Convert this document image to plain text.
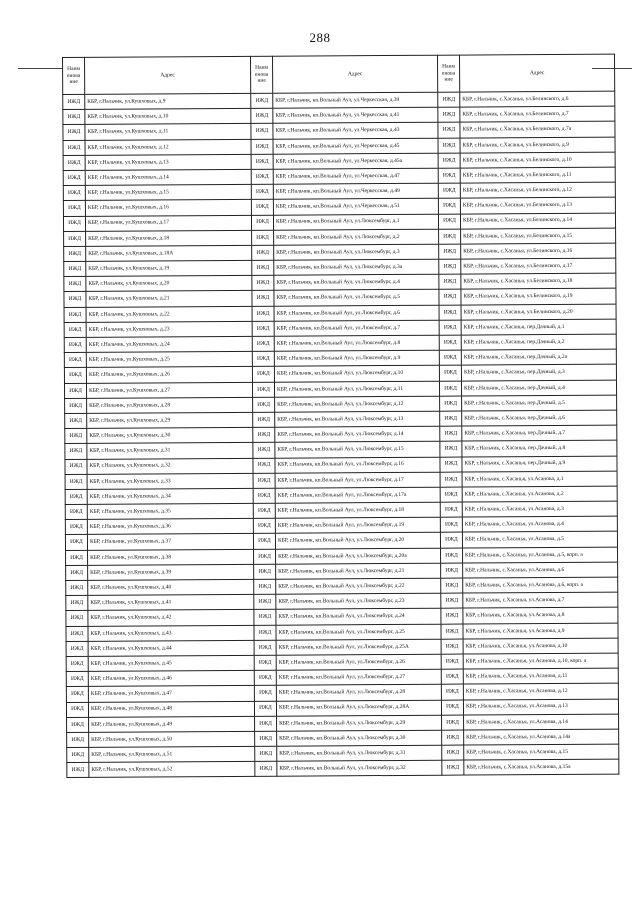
288
Наим енова ние	Адрес	Наим енова ние	Адрес	Наим енова ние	Адрес
ИЖД	КБР, г.Нальчик, ул.Кушховых, д.9	ИЖД	КБР, г.Нальчик, кп.Вольный Аул, ул.Черкесская, д.39	ИЖД	КБР, г.Нальчик, с.Хасанья, ул.Белинского, д.6
ИЖД	КБР, г.Нальчик, ул.Кушховых, д.10	ИЖД	КБР, г.Нальчик, кп.Вольный Аул, ул.Черкесская, д.41	ИЖД	КБР, г.Нальчик, с.Хасанья, ул.Белинского, д.7
ИЖД	КБР, г.Нальчик, ул.Кушховых, д.11	ИЖД	КБР, г.Нальчик, кп.Вольный Аул, ул.Черкесская, д.43	ИЖД	КБР, г.Нальчик, с.Хасанья, ул.Белинского, д.7а
ИЖД	КБР, г.Нальчик, ул.Кушховых, д.12	ИЖД	КБР, г.Нальчик, кп.Вольный Аул, ул.Черкесская, д.45	ИЖД	КБР, г.Нальчик, с.Хасанья, ул.Белинского, д.9
ИЖД	КБР, г.Нальчик, ул.Кушховых, д.13	ИЖД	КБР, г.Нальчик, кп.Вольный Аул, ул.Черкесская, д.45а	ИЖД	КБР, г.Нальчик, с.Хасанья, ул.Белинского, д.10
ИЖД	КБР, г.Нальчик, ул.Кушховых, д.14	ИЖД	КБР, г.Нальчик, кп.Вольный Аул, ул.Черкесская, д.47	ИЖД	КБР, г.Нальчик, с.Хасанья, ул.Белинского, д.11
ИЖД	КБР, г.Нальчик, ул.Кушховых, д.15	ИЖД	КБР, г.Нальчик, кп.Вольный Аул, ул.Черкесская, д.49	ИЖД	КБР, г.Нальчик, с.Хасанья, ул.Белинского, д.12
ИЖД	КБР, г.Нальчик, ул.Кушховых, д.16	ИЖД	КБР, г.Нальчик, кп.Вольный Аул, ул.Черкесская, д.51	ИЖД	КБР, г.Нальчик, с.Хасанья, ул.Белинского, д.13
ИЖД	КБР, г.Нальчик, ул.Кушховых, д.17	ИЖД	КБР, г.Нальчик, кп.Вольный Аул, ул.Люксембург, д.1	ИЖД	КБР, г.Нальчик, с.Хасанья, ул.Белинского, д.14
ИЖД	КБР, г.Нальчик, ул.Кушховых, д.18	ИЖД	КБР, г.Нальчик, кп.Вольный Аул, ул.Люксембург, д.2	ИЖД	КБР, г.Нальчик, с.Хасанья, ул.Белинского, д.15
ИЖД	КБР, г.Нальчик, ул.Кушховых, д.18А	ИЖД	КБР, г.Нальчик, кп.Вольный Аул, ул.Люксембург, д.3	ИЖД	КБР, г.Нальчик, с.Хасанья, ул.Белинского, д.16
ИЖД	КБР, г.Нальчик, ул.Кушховых, д.19	ИЖД	КБР, г.Нальчик, кп.Вольный Аул, ул.Люксембург, д.3а	ИЖД	КБР, г.Нальчик, с.Хасанья, ул.Белинского, д.17
ИЖД	КБР, г.Нальчик, ул.Кушховых, д.20	ИЖД	КБР, г.Нальчик, кп.Вольный Аул, ул.Люксембург, д.4	ИЖД	КБР, г.Нальчик, с.Хасанья, ул.Белинского, д.18
ИЖД	КБР, г.Нальчик, ул.Кушховых, д.21	ИЖД	КБР, г.Нальчик, кп.Вольный Аул, ул.Люксембург, д.5	ИЖД	КБР, г.Нальчик, с.Хасанья, ул.Белинского, д.19
ИЖД	КБР, г.Нальчик, ул.Кушховых, д.22	ИЖД	КБР, г.Нальчик, кп.Вольный Аул, ул.Люксембург, д.6	ИЖД	КБР, г.Нальчик, с.Хасанья, ул.Белинского, д.20
ИЖД	КБР, г.Нальчик, ул.Кушховых, д.23	ИЖД	КБР, г.Нальчик, кп.Вольный Аул, ул.Люксембург, д.7	ИЖД	КБР, г.Нальчик, с.Хасанья, пер.Дачный, д.1
ИЖД	КБР, г.Нальчик, ул.Кушховых, д.24	ИЖД	КБР, г.Нальчик, кп.Вольный Аул, ул.Люксембург, д.8	ИЖД	КБР, г.Нальчик, с.Хасанья, пер.Дачный, д.2
ИЖД	КБР, г.Нальчик, ул.Кушховых, д.25	ИЖД	КБР, г.Нальчик, кп.Вольный Аул, ул.Люксембург, д.9	ИЖД	КБР, г.Нальчик, с.Хасанья, пер.Дачный, д.2а
ИЖД	КБР, г.Нальчик, ул.Кушховых, д.26	ИЖД	КБР, г.Нальчик, кп.Вольный Аул, ул.Люксембург, д.10	ИЖД	КБР, г.Нальчик, с.Хасанья, пер.Дачный, д.3
ИЖД	КБР, г.Нальчик, ул.Кушховых, д.27	ИЖД	КБР, г.Нальчик, кп.Вольный Аул, ул.Люксембург, д.11	ИЖД	КБР, г.Нальчик, с.Хасанья, пер.Дачный, д.4
ИЖД	КБР, г.Нальчик, ул.Кушховых, д.28	ИЖД	КБР, г.Нальчик, кп.Вольный Аул, ул.Люксембург, д.12	ИЖД	КБР, г.Нальчик, с.Хасанья, пер.Дачный, д.5
ИЖД	КБР, г.Нальчик, ул.Кушховых, д.29	ИЖД	КБР, г.Нальчик, кп.Вольный Аул, ул.Люксембург, д.13	ИЖД	КБР, г.Нальчик, с.Хасанья, пер.Дачный, д.6
ИЖД	КБР, г.Нальчик, ул.Кушховых, д.30	ИЖД	КБР, г.Нальчик, кп.Вольный Аул, ул.Люксембург, д.14	ИЖД	КБР, г.Нальчик, с.Хасанья, пер.Дачный, д.7
ИЖД	КБР, г.Нальчик, ул.Кушховых, д.31	ИЖД	КБР, г.Нальчик, кп.Вольный Аул, ул.Люксембург, д.15	ИЖД	КБР, г.Нальчик, с.Хасанья, пер.Дачный, д.8
ИЖД	КБР, г.Нальчик, ул.Кушховых, д.32	ИЖД	КБР, г.Нальчик, кп.Вольный Аул, ул.Люксембург, д.16	ИЖД	КБР, г.Нальчик, с.Хасанья, пер.Дачный, д.9
ИЖД	КБР, г.Нальчик, ул.Кушховых, д.33	ИЖД	КБР, г.Нальчик, кп.Вольный Аул, ул.Люксембург, д.17	ИЖД	КБР, г.Нальчик, с.Хасанья, ул.Асанова, д.1
ИЖД	КБР, г.Нальчик, ул.Кушховых, д.34	ИЖД	КБР, г.Нальчик, кп.Вольный Аул, ул.Люксембург, д.17а	ИЖД	КБР, г.Нальчик, с.Хасанья, ул.Асанова, д.2
ИЖД	КБР, г.Нальчик, ул.Кушховых, д.35	ИЖД	КБР, г.Нальчик, кп.Вольный Аул, ул.Люксембург, д.18	ИЖД	КБР, г.Нальчик, с.Хасанья, ул.Асанова, д.3
ИЖД	КБР, г.Нальчик, ул.Кушховых, д.36	ИЖД	КБР, г.Нальчик, кп.Вольный Аул, ул.Люксембург, д.19	ИЖД	КБР, г.Нальчик, с.Хасанья, ул.Асанова, д.4
ИЖД	КБР, г.Нальчик, ул.Кушховых, д.37	ИЖД	КБР, г.Нальчик, кп.Вольный Аул, ул.Люксембург, д.20	ИЖД	КБР, г.Нальчик, с.Хасанья, ул.Асанова, д.5
ИЖД	КБР, г.Нальчик, ул.Кушховых, д.38	ИЖД	КБР, г.Нальчик, кп.Вольный Аул, ул.Люксембург, д.20а	ИЖД	КБР, г.Нальчик, с.Хасанья, ул.Асанова, д.5, корп. а
ИЖД	КБР, г.Нальчик, ул.Кушховых, д.39	ИЖД	КБР, г.Нальчик, кп.Вольный Аул, ул.Люксембург, д.21	ИЖД	КБР, г.Нальчик, с.Хасанья, ул.Асанова, д.6
ИЖД	КБР, г.Нальчик, ул.Кушховых, д.40	ИЖД	КБР, г.Нальчик, кп.Вольный Аул, ул.Люксембург, д.22	ИЖД	КБР, г.Нальчик, с.Хасанья, ул.Асанова, д.6, корп. а
ИЖД	КБР, г.Нальчик, ул.Кушховых, д.41	ИЖД	КБР, г.Нальчик, кп.Вольный Аул, ул.Люксембург, д.23	ИЖД	КБР, г.Нальчик, с.Хасанья, ул.Асанова, д.7
ИЖД	КБР, г.Нальчик, ул.Кушховых, д.42	ИЖД	КБР, г.Нальчик, кп.Вольный Аул, ул.Люксембург, д.24	ИЖД	КБР, г.Нальчик, с.Хасанья, ул.Асанова, д.8
ИЖД	КБР, г.Нальчик, ул.Кушховых, д.43	ИЖД	КБР, г.Нальчик, кп.Вольный Аул, ул.Люксембург, д.25	ИЖД	КБР, г.Нальчик, с.Хасанья, ул.Асанова, д.9
ИЖД	КБР, г.Нальчик, ул.Кушховых, д.44	ИЖД	КБР, г.Нальчик, кп.Вольный Аул, ул.Люксембург, д.25А	ИЖД	КБР, г.Нальчик, с.Хасанья, ул.Асанова, д.10
ИЖД	КБР, г.Нальчик, ул.Кушховых, д.45	ИЖД	КБР, г.Нальчик, кп.Вольный Аул, ул.Люксембург, д.26	ИЖД	КБР, г.Нальчик, с.Хасанья, ул.Асанова, д.10, корп. а
ИЖД	КБР, г.Нальчик, ул.Кушховых, д.46	ИЖД	КБР, г.Нальчик, кп.Вольный Аул, ул.Люксембург, д.27	ИЖД	КБР, г.Нальчик, с.Хасанья, ул.Асанова, д.11
ИЖД	КБР, г.Нальчик, ул.Кушховых, д.47	ИЖД	КБР, г.Нальчик, кп.Вольный Аул, ул.Люксембург, д.28	ИЖД	КБР, г.Нальчик, с.Хасанья, ул.Асанова, д.12
ИЖД	КБР, г.Нальчик, ул.Кушховых, д.48	ИЖД	КБР, г.Нальчик, кп.Вольный Аул, ул.Люксембург, д.28А	ИЖД	КБР, г.Нальчик, с.Хасанья, ул.Асанова, д.13
ИЖД	КБР, г.Нальчик, ул.Кушховых, д.49	ИЖД	КБР, г.Нальчик, кп.Вольный Аул, ул.Люксембург, д.29	ИЖД	КБР, г.Нальчик, с.Хасанья, ул.Асанова, д.14
ИЖД	КБР, г.Нальчик, ул.Кушховых, д.50	ИЖД	КБР, г.Нальчик, кп.Вольный Аул, ул.Люксембург, д.30	ИЖД	КБР, г.Нальчик, с.Хасанья, ул.Асанова, д.14а
ИЖД	КБР, г.Нальчик, ул.Кушховых, д.51	ИЖД	КБР, г.Нальчик, кп.Вольный Аул, ул.Люксембург, д.31	ИЖД	КБР, г.Нальчик, с.Хасанья, ул.Асанова, д.15
ИЖД	КБР, г.Нальчик, ул.Кушховых, д.52	ИЖД	КБР, г.Нальчик, кп.Вольный Аул, ул.Люксембург, д.32	ИЖД	КБР, г.Нальчик, с.Хасанья, ул.Асанова, д.15а
